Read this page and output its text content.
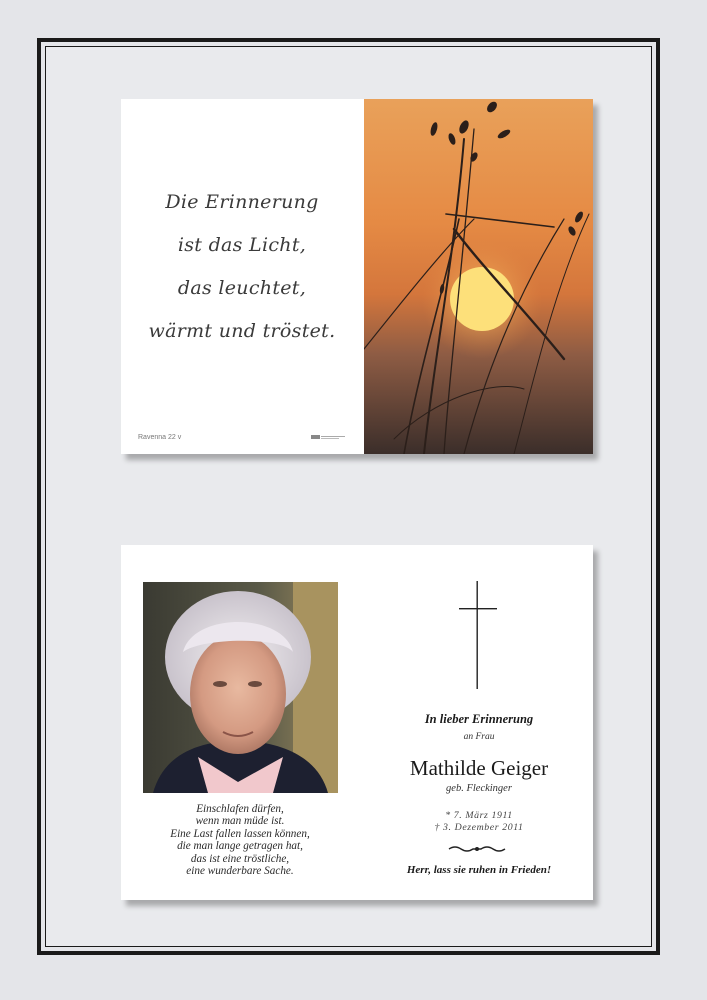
Die Erinnerung
ist das Licht,
das leuchtet,
wärmt und tröstet.
Ravenna 22 v
Einschlafen dürfen,
wenn man müde ist.
Eine Last fallen lassen können,
die man lange getragen hat,
das ist eine tröstliche,
eine wunderbare Sache.
In lieber Erinnerung
an Frau
Mathilde Geiger
geb. Fleckinger
* 7. März 1911
† 3. Dezember 2011
Herr, lass sie ruhen in Frieden!
